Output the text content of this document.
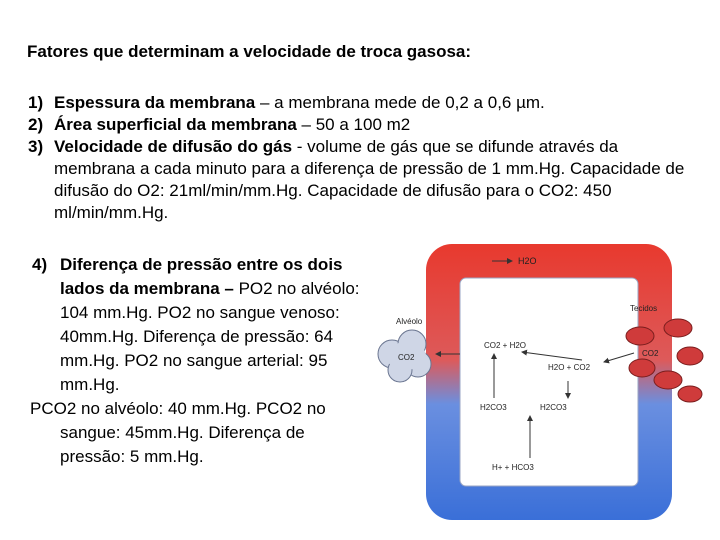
Fatores que determinam a velocidade de troca gasosa:
1) Espessura da membrana – a membrana mede de 0,2 a 0,6 µm.
2) Área superficial da membrana – 50 a 100 m2
3) Velocidade de difusão do gás - volume de gás que se difunde através da membrana a cada minuto para a diferença de pressão de 1 mm.Hg. Capacidade de difusão do O2: 21ml/min/mm.Hg. Capacidade de difusão para o CO2: 450 ml/min/mm.Hg.
4) Diferença de pressão entre os dois lados da membrana – PO2 no alvéolo: 104 mm.Hg. PO2 no sangue venoso: 40mm.Hg. Diferença de pressão: 64 mm.Hg. PO2 no sangue arterial: 95 mm.Hg.
PCO2 no alvéolo: 40 mm.Hg. PCO2 no sangue: 45mm.Hg. Diferença de pressão: 5 mm.Hg.
H2O
Alvéolo
CO2
CO2 + H2O
H2O + CO2
H2CO3	H2CO3
H+ + HCO3
Tecidos
CO2
